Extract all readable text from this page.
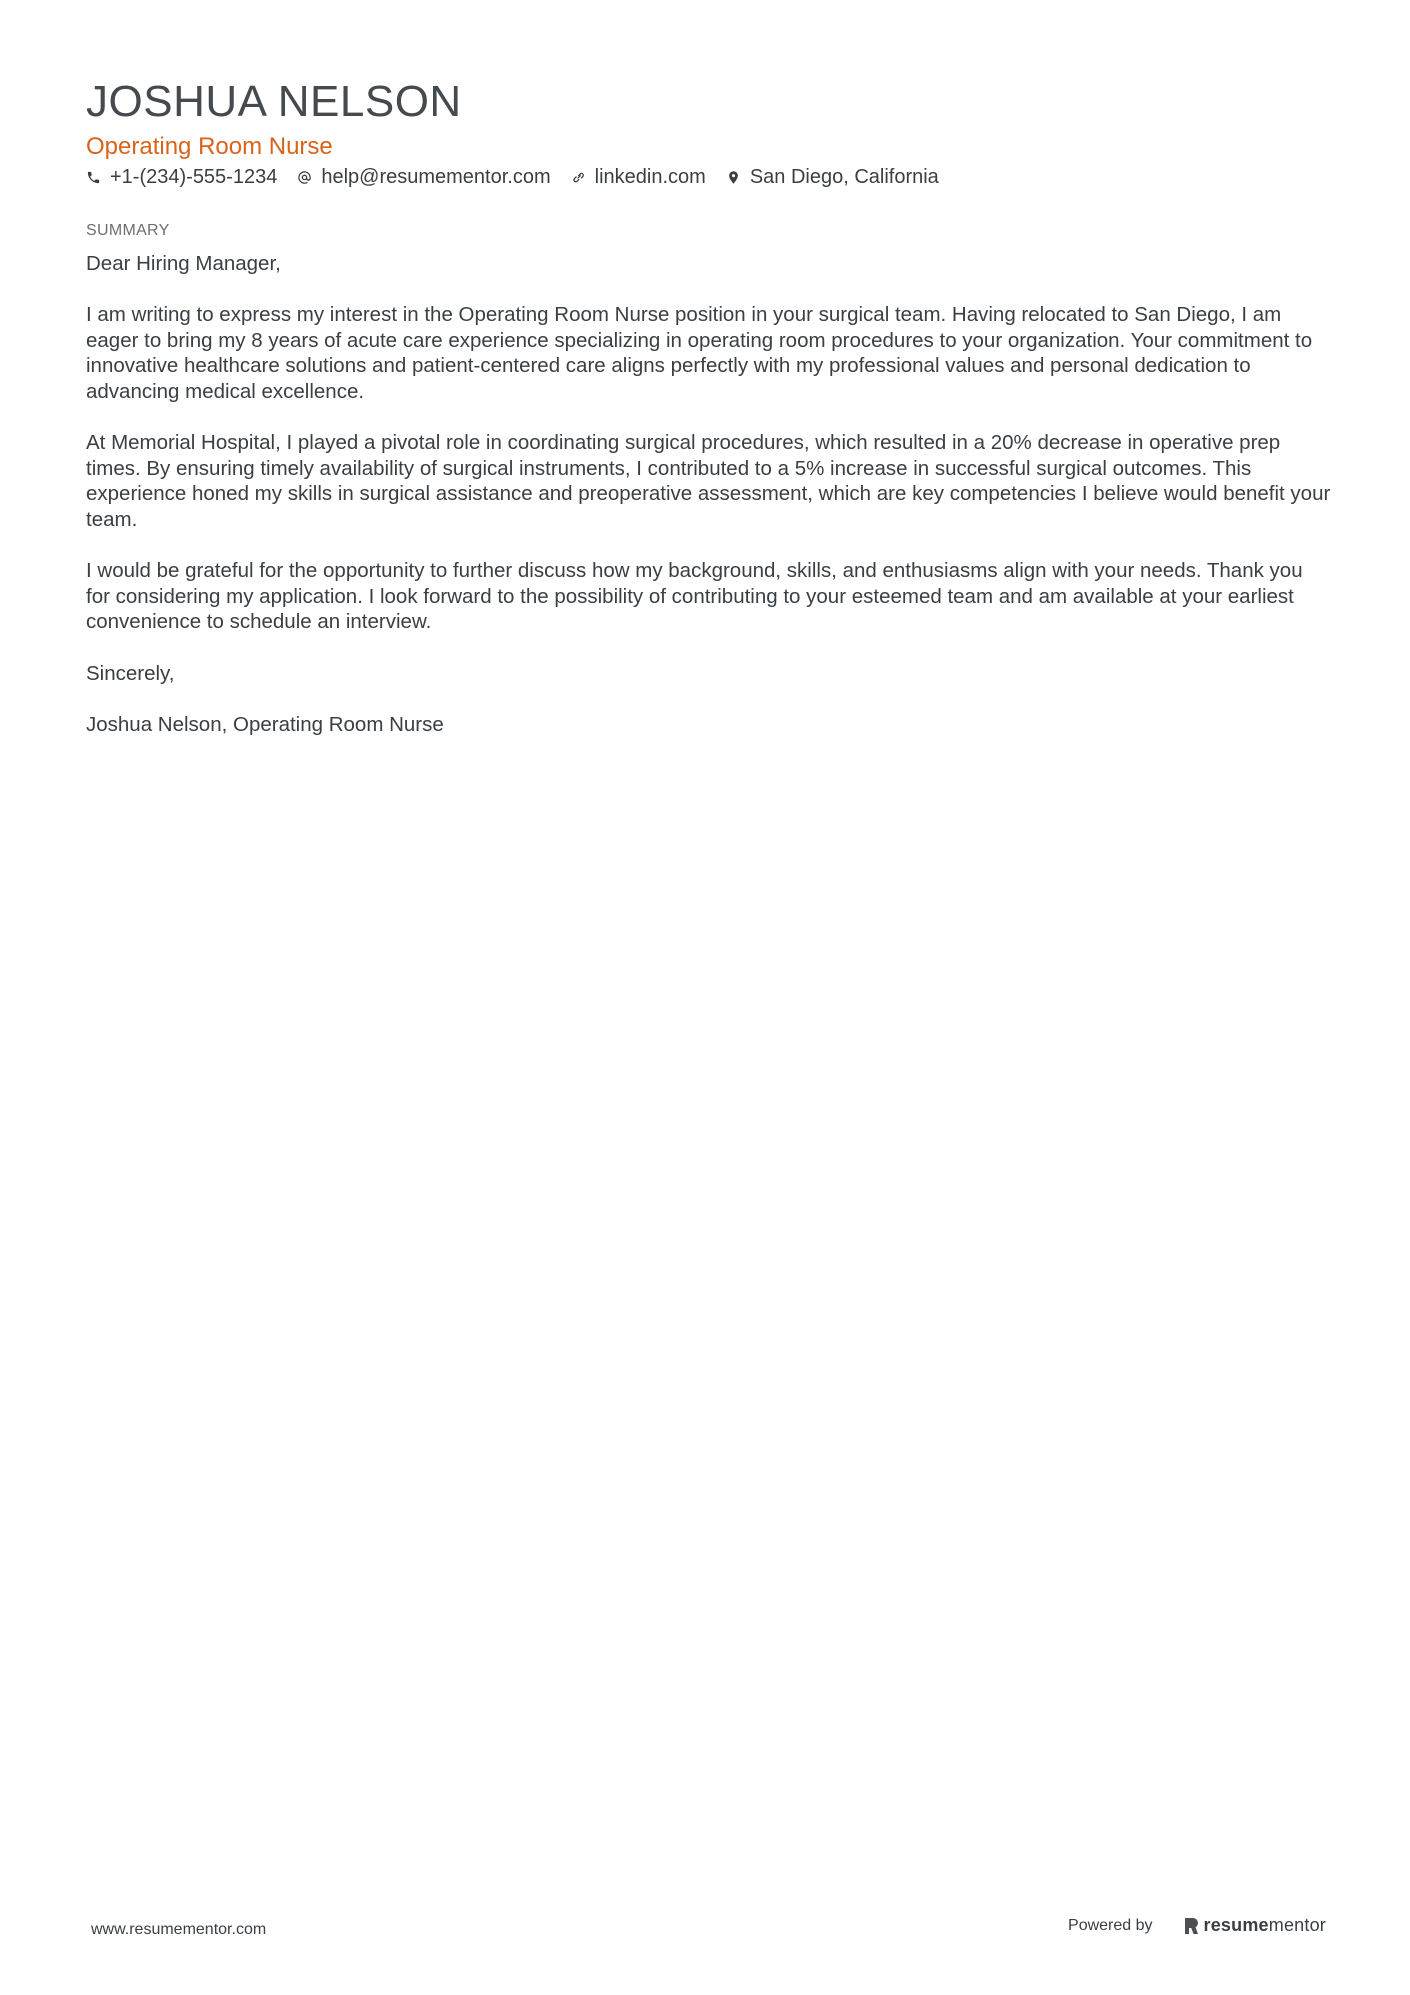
JOSHUA NELSON
Operating Room Nurse
+1-(234)-555-1234 help@resumementor.com linkedin.com San Diego, California
SUMMARY

Dear Hiring Manager,

I am writing to express my interest in the Operating Room Nurse position in your surgical team. Having relocated to San Diego, I am eager to bring my 8 years of acute care experience specializing in operating room procedures to your organization. Your commitment to innovative healthcare solutions and patient-centered care aligns perfectly with my professional values and personal dedication to advancing medical excellence.

At Memorial Hospital, I played a pivotal role in coordinating surgical procedures, which resulted in a 20% decrease in operative prep times. By ensuring timely availability of surgical instruments, I contributed to a 5% increase in successful surgical outcomes. This experience honed my skills in surgical assistance and preoperative assessment, which are key competencies I believe would benefit your team.

I would be grateful for the opportunity to further discuss how my background, skills, and enthusiasms align with your needs. Thank you for considering my application. I look forward to the possibility of contributing to your esteemed team and am available at your earliest convenience to schedule an interview.

Sincerely,

Joshua Nelson, Operating Room Nurse

www.resumementor.com	Powered by	resume mentor
